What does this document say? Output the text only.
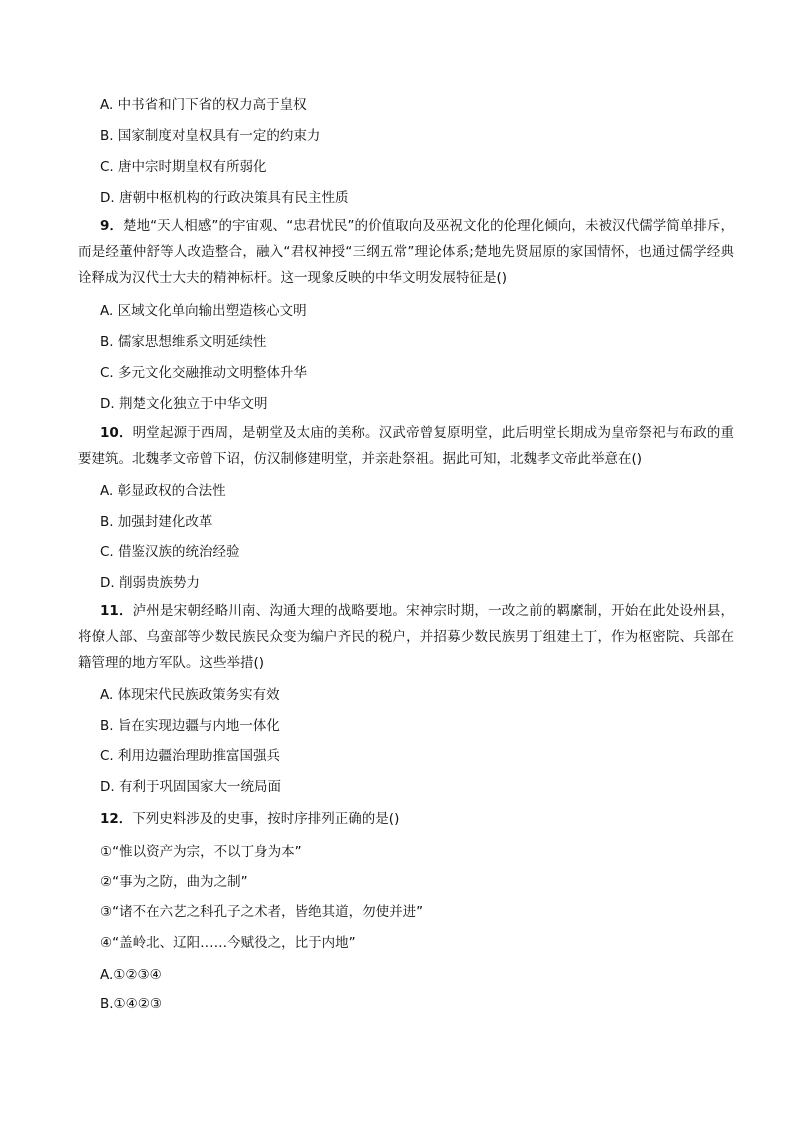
A. 中书省和门下省的权力高于皇权
B. 国家制度对皇权具有一定的约束力
C. 唐中宗时期皇权有所弱化
D. 唐朝中枢机构的行政决策具有民主性质
9．楚地“天人相感”的宇宙观、“忠君忧民”的价值取向及巫祝文化的伦理化倾向，未被汉代儒学简单排斥，而是经董仲舒等人改造整合，融入“君权神授“三纲五常”理论体系;楚地先贤屈原的家国情怀，也通过儒学经典诠释成为汉代士大夫的精神标杆。这一现象反映的中华文明发展特征是()
A. 区域文化单向输出塑造核心文明
B. 儒家思想维系文明延续性
C. 多元文化交融推动文明整体升华
D. 荆楚文化独立于中华文明
10．明堂起源于西周，是朝堂及太庙的美称。汉武帝曾复原明堂，此后明堂长期成为皇帝祭祀与布政的重要建筑。北魏孝文帝曾下诏，仿汉制修建明堂，并亲赴祭祖。据此可知，北魏孝文帝此举意在()
A. 彰显政权的合法性
B. 加强封建化改革
C. 借鉴汉族的统治经验
D. 削弱贵族势力
11．泸州是宋朝经略川南、沟通大理的战略要地。宋神宗时期，一改之前的羁縻制，开始在此处设州县，将僚人部、乌蛮部等少数民族民众变为编户齐民的税户，并招募少数民族男丁组建土丁，作为枢密院、兵部在籍管理的地方军队。这些举措()
A. 体现宋代民族政策务实有效
B. 旨在实现边疆与内地一体化
C. 利用边疆治理助推富国强兵
D. 有利于巩固国家大一统局面
12．下列史料涉及的史事，按时序排列正确的是()
①“惟以资产为宗，不以丁身为本”
②“事为之防，曲为之制”
③“诸不在六艺之科孔子之术者，皆绝其道，勿使并进”
④“盖岭北、辽阳……今赋役之，比于内地”
A.①②③④
B.①④②③
